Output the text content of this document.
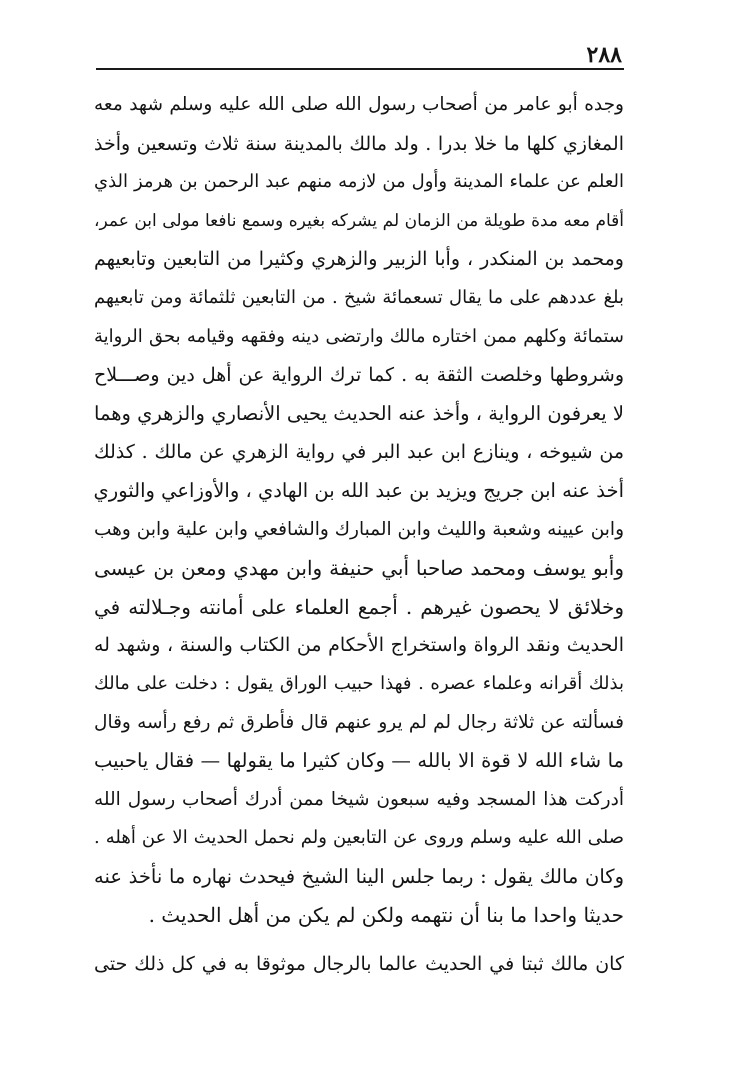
٢٨٨
وجده أبو عامر من أصحاب رسول الله صلى الله عليه وسلم شهد معه
المغازي كلها ما خلا بدرا . ولد مالك بالمدينة سنة ثلاث وتسعين وأخذ
العلم عن علماء المدينة وأول من لازمه منهم عبد الرحمن بن هرمز الذي
أقام معه مدة طويلة من الزمان لم يشركه بغيره وسمع نافعا مولى ابن عمر،
ومحمد بن المنكدر ، وأبا الزبير والزهري وكثيرا من التابعين وتابعيهم
بلغ عددهم على ما يقال تسعمائة شيخ . من التابعين ثلثمائة ومن تابعيهم
ستمائة وكلهم ممن اختاره مالك وارتضى دينه وفقهه وقيامه بحق الرواية
وشروطها وخلصت الثقة به . كما ترك الرواية عن أهل دين وصـــلاح
لا يعرفون الرواية ، وأخذ عنه الحديث يحيى الأنصاري والزهري وهما
من شيوخه ، وينازع ابن عبد البر في رواية الزهري عن مالك . كذلك
أخذ عنه ابن جريج ويزيد بن عبد الله بن الهادي ، والأوزاعي والثوري
وابن عيينه وشعبة والليث وابن المبارك والشافعي وابن علية وابن وهب
وأبو يوسف ومحمد صاحبا أبي حنيفة وابن مهدي ومعن بن عيسى
وخلائق لا يحصون غيرهم . أجمع العلماء على أمانته وجـلالته في
الحديث ونقد الرواة واستخراج الأحكام من الكتاب والسنة ، وشهد له
بذلك أقرانه وعلماء عصره . فهذا حبيب الوراق يقول : دخلت على مالك
فسألته عن ثلاثة رجال لم لم يرو عنهم قال فأطرق ثم رفع رأسه وقال
ما شاء الله لا قوة الا بالله — وكان كثيرا ما يقولها — فقال ياحبيب
أدركت هذا المسجد وفيه سبعون شيخا ممن أدرك أصحاب رسول الله
صلى الله عليه وسلم وروى عن التابعين ولم نحمل الحديث الا عن أهله .
وكان مالك يقول : ربما جلس الينا الشيخ فيحدث نهاره ما نأخذ عنه
حديثا واحدا ما بنا أن نتهمه ولكن لم يكن من أهل الحديث .
كان مالك ثبتا في الحديث عالما بالرجال موثوقا به في كل ذلك حتى
